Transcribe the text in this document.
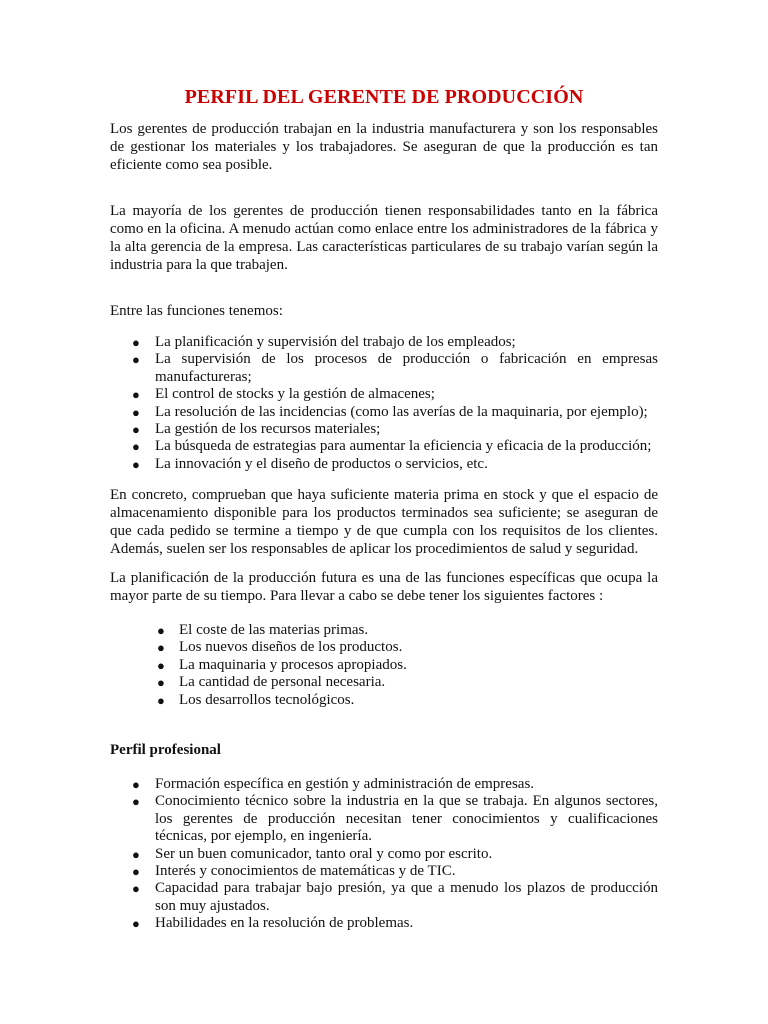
PERFIL DEL GERENTE DE PRODUCCIÓN

Los gerentes de producción trabajan en la industria manufacturera y son los responsables de gestionar los materiales y los trabajadores. Se aseguran de que la producción es tan eficiente como sea posible.

La mayoría de los gerentes de producción tienen responsabilidades tanto en la fábrica como en la oficina. A menudo actúan como enlace entre los administradores de la fábrica y la alta gerencia de la empresa. Las características particulares de su trabajo varían según la industria para la que trabajen.

Entre las funciones tenemos:

● La planificación y supervisión del trabajo de los empleados;
● La supervisión de los procesos de producción o fabricación en empresas manufactureras;
● El control de stocks y la gestión de almacenes;
● La resolución de las incidencias (como las averías de la maquinaria, por ejemplo);
● La gestión de los recursos materiales;
● La búsqueda de estrategias para aumentar la eficiencia y eficacia de la producción;
● La innovación y el diseño de productos o servicios, etc.

En concreto, comprueban que haya suficiente materia prima en stock y que el espacio de almacenamiento disponible para los productos terminados sea suficiente; se aseguran de que cada pedido se termine a tiempo y de que cumpla con los requisitos de los clientes. Además, suelen ser los responsables de aplicar los procedimientos de salud y seguridad.

La planificación de la producción futura es una de las funciones específicas que ocupa la mayor parte de su tiempo. Para llevar a cabo se debe tener los siguientes factores :

● El coste de las materias primas.
● Los nuevos diseños de los productos.
● La maquinaria y procesos apropiados.
● La cantidad de personal necesaria.
● Los desarrollos tecnológicos.

Perfil profesional

● Formación específica en gestión y administración de empresas.
● Conocimiento técnico sobre la industria en la que se trabaja. En algunos sectores, los gerentes de producción necesitan tener conocimientos y cualificaciones técnicas, por ejemplo, en ingeniería.
● Ser un buen comunicador, tanto oral y como por escrito.
● Interés y conocimientos de matemáticas y de TIC.
● Capacidad para trabajar bajo presión, ya que a menudo los plazos de producción son muy ajustados.
● Habilidades en la resolución de problemas.
